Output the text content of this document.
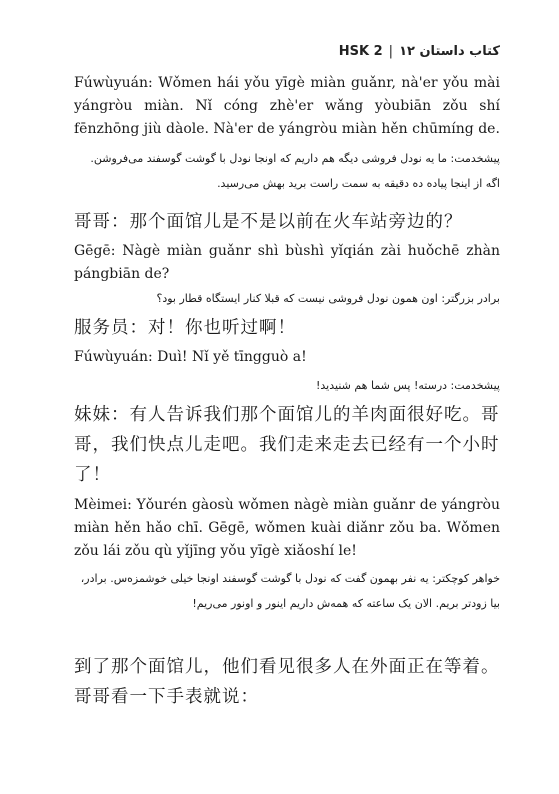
کتاب داستان HSK 2| ۱۲
Fúwùyuán: Wǒmen hái yǒu yīgè miàn guǎnr, nà'er yǒu mài yángròu miàn. Nǐ cóng zhè'er wǎng yòubiān zǒu shí fēnzhōng jiù dàole. Nà'er de yángròu miàn hěn chūmíng de.
پیشخدمت: ما یه نودل فروشی دیگه هم داریم که اونجا نودل با گوشت گوسفند می‌فروشن. اگه از اینجا پیاده ده دقیقه به سمت راست برید بهش می‌رسید.
哥哥：那个面馆儿是不是以前在火车站旁边的？
Gēgē: Nàgè miàn guǎnr shì bùshì yǐqián zài huǒchē zhàn pángbiān de?
برادر بزرگتر: اون همون نودل فروشی نیست که قبلا کنار ایستگاه قطار بود؟
服务员：对！你也听过啊！
Fúwùyuán: Duì! Nǐ yě tīngguò a!
پیشخدمت: درسته! پس شما هم شنیدید!
妹妹：有人告诉我们那个面馆儿的羊肉面很好吃。哥哥，我们快点儿走吧。我们走来走去已经有一个小时了！
Mèimei: Yǒurén gàosù wǒmen nàgè miàn guǎnr de yángròu miàn hěn hǎo chī. Gēgē, wǒmen kuài diǎnr zǒu ba. Wǒmen zǒu lái zǒu qù yǐjīng yǒu yīgè xiǎoshí le!
خواهر کوچکتر: یه نفر بهمون گفت که نودل با گوشت گوسفند اونجا خیلی خوشمزه‌س. برادر، بیا زودتر بریم. الان یک ساعته که همه‌ش داریم اینور و اونور می‌ریم!
到了那个面馆儿，他们看见很多人在外面正在等着。哥哥看一下手表就说：
